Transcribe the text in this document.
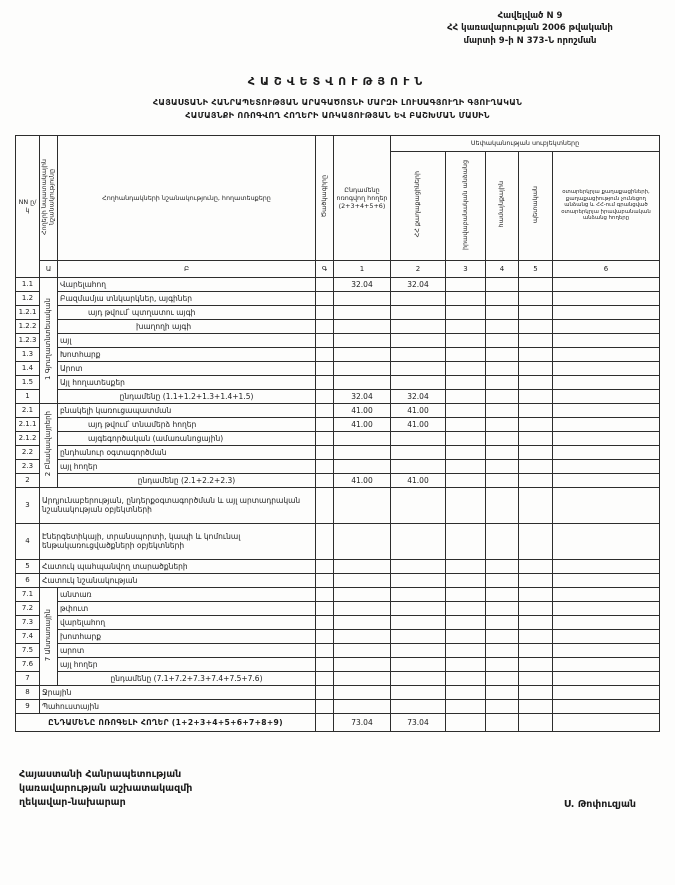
Հավելված N 9
ՀՀ կառավարության 2006 թվականի
մարտի 9-ի N 373-Ն որոշման
ՀԱՇՎԵՏՎՈՒԹՅՈՒՆ
ՀԱՅԱՍՏԱՆԻ ՀԱՆՐԱՊԵՏՈՒԹՅԱՆ ԱՐԱԳԱԾՈՏՆԻ ՄԱՐԶԻ ԼՈՒՍԱԳՅՈՒՂԻ ԳՅՈՒՂԱԿԱՆ
ՀԱՄԱՅՆՔԻ ՈՌՈԳՎՈՂ ՀՈՂԵՐԻ ԱՌԿԱՅՈՒԹՅԱՆ ԵՎ ԲԱՇԽՄԱՆ ՄԱՍԻՆ
NN ը/կ	Հողերի նպատակային նշանակությունը	Հողհանդակների նշանակությունը, հողատեսքերը	Ծածկագիրը	Ընդամենը ոռոգվող հողեր (2+3+4+5+6)	Սեփականության սուբյեկտները				
					ՀՀ քաղաքացիների	իրավաբանական անձանց	համայնքային	պետական	օտարերկրյա քաղաքացիների, քաղաքացիություն չունեցող անձանց և ՀՀ-ում գրանցված օտարերկրյա իրավաբանական անձանց հողերը
	Ա	Բ	Գ	1	2	3	4	5	6
1.1	1 Գյուղատնտեսական	Վարելահող		32.04	32.04				
1.2		Բազմամյա տնկարկներ, այգիներ							
1.2.1		այդ թվում՝ պտղատու այգի							
1.2.2		խաղողի այգի							
1.2.3		այլ							
1.3		Խոտհարք							
1.4		Արոտ							
1.5		Այլ հողատեսքեր							
1		ընդամենը (1.1+1.2+1.3+1.4+1.5)		32.04	32.04				
2.1	2 Բնակավայրերի	բնակելի կառուցապատման		41.00	41.00				
2.1.1		այդ թվում՝ տնամերձ հողեր		41.00	41.00				
2.1.2		այգեգործական (ամառանոցային)							
2.2		ընդհանուր օգտագործման							
2.3		այլ հողեր							
2		ընդամենը (2.1+2.2+2.3)		41.00	41.00				
3	Արդյունաբերության, ընդերքօգտագործման և այլ արտադրական նշանակության օբյեկտների								
4	Էներգետիկայի, տրանսպորտի, կապի և կոմունալ ենթակառուցվածքների օբյեկտների								
5	Հատուկ պահպանվող տարածքների								
6	Հատուկ նշանակության								
7.1	7 Անտառային	անտառ							
7.2		թփուտ							
7.3		վարելահող							
7.4		խոտհարք							
7.5		արոտ							
7.6		այլ հողեր							
7		ընդամենը (7.1+7.2+7.3+7.4+7.5+7.6)							
8	Ջրային								
9	Պահուստային								
ԸՆԴԱՄԵՆԸ ՈՌՈԳԵԼԻ ՀՈՂԵՐ (1+2+3+4+5+6+7+8+9)				73.04	73.04				
Հայաստանի Հանրապետության
կառավարության աշխատակազմի
ղեկավար-նախարար	Ս. Թոփուզյան
